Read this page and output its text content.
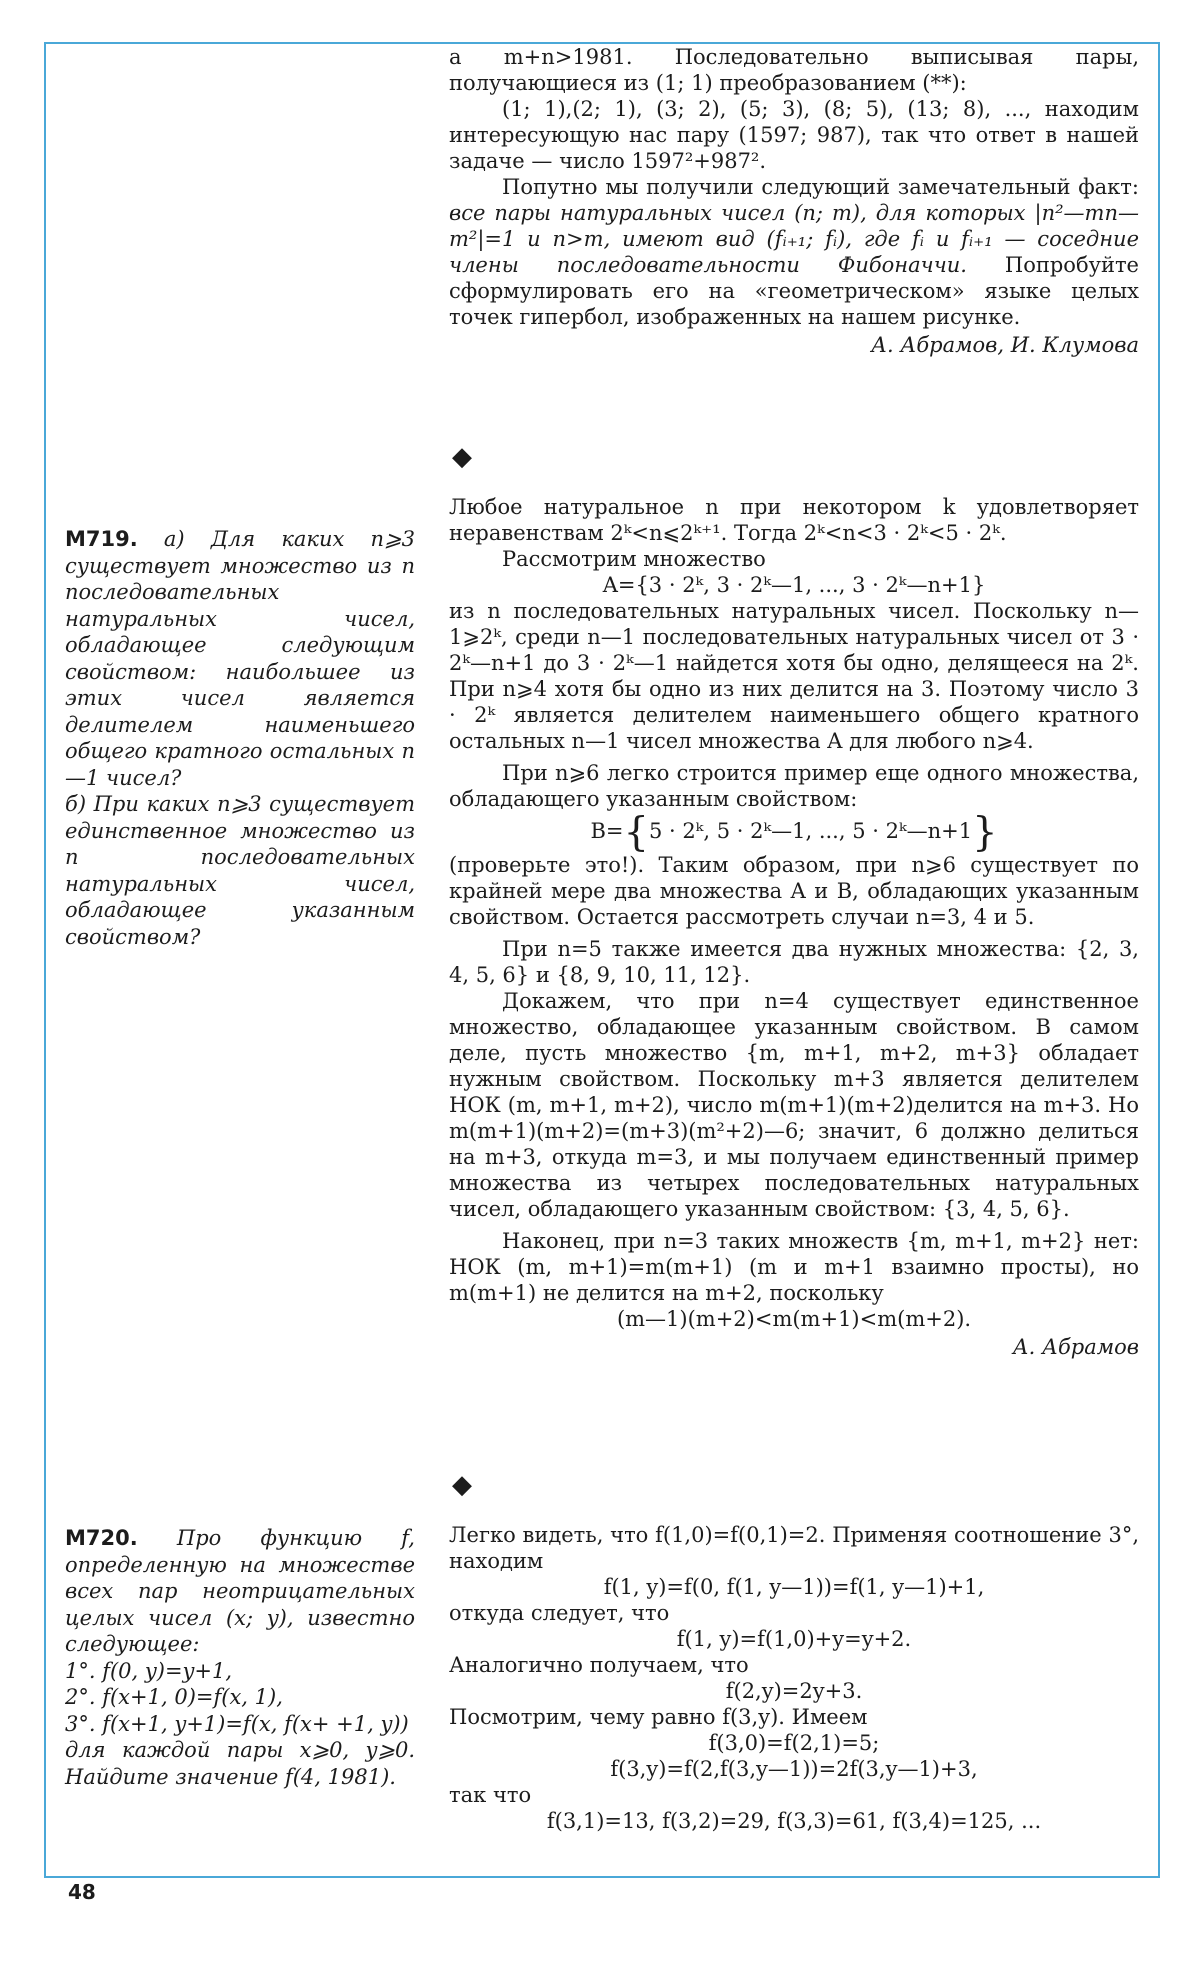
а m+n>1981. Последовательно выписывая пары, получающиеся из (1; 1) преобразованием (**):

(1; 1),(2; 1), (3; 2), (5; 3), (8; 5), (13; 8), ..., находим интересующую нас пару (1597; 987), так что ответ в нашей задаче — число 1597²+987².

Попутно мы получили следующий замечательный факт: все пары натуральных чисел (n; m), для которых |n²—mn—m²|=1 и n>m, имеют вид (fᵢ₊₁; fᵢ), где fᵢ и fᵢ₊₁ — соседние члены последовательности Фибоначчи. Попробуйте сформулировать его на «геометрическом» языке целых точек гипербол, изображенных на нашем рисунке.

А. Абрамов, И. Клумова

◆

М719. а) Для каких n⩾3 существует множество из n последовательных натуральных чисел, обладающее следующим свойством: наибольшее из этих чисел является делителем наименьшего общего кратного остальных n—1 чисел?

б) При каких n⩾3 существует единственное множество из n последовательных натуральных чисел, обладающее указанным свойством?

Любое натуральное n при некотором k удовлетворяет неравенствам 2ᵏ<n⩽2ᵏ⁺¹. Тогда 2ᵏ<n<3 · 2ᵏ<5 · 2ᵏ.

Рассмотрим множество

A={3 · 2ᵏ, 3 · 2ᵏ—1, ..., 3 · 2ᵏ—n+1}

из n последовательных натуральных чисел. Поскольку n—1⩾2ᵏ, среди n—1 последовательных натуральных чисел от 3 · 2ᵏ—n+1 до 3 · 2ᵏ—1 найдется хотя бы одно, делящееся на 2ᵏ. При n⩾4 хотя бы одно из них делится на 3. Поэтому число 3 · 2ᵏ является делителем наименьшего общего кратного остальных n—1 чисел множества A для любого n⩾4.

При n⩾6 легко строится пример еще одного множества, обладающего указанным свойством:

B={5 · 2ᵏ, 5 · 2ᵏ—1, ..., 5 · 2ᵏ—n+1}

(проверьте это!). Таким образом, при n⩾6 существует по крайней мере два множества A и B, обладающих указанным свойством. Остается рассмотреть случаи n=3, 4 и 5.

При n=5 также имеется два нужных множества: {2, 3, 4, 5, 6} и {8, 9, 10, 11, 12}.

Докажем, что при n=4 существует единственное множество, обладающее указанным свойством. В самом деле, пусть множество {m, m+1, m+2, m+3} обладает нужным свойством. Поскольку m+3 является делителем НОК (m, m+1, m+2), число m(m+1)(m+2)делится на m+3. Но m(m+1)(m+2)=(m+3)(m²+2)—6; значит, 6 должно делиться на m+3, откуда m=3, и мы получаем единственный пример множества из четырех последовательных натуральных чисел, обладающего указанным свойством: {3, 4, 5, 6}.

Наконец, при n=3 таких множеств {m, m+1, m+2} нет: НОК (m, m+1)=m(m+1) (m и m+1 взаимно просты), но m(m+1) не делится на m+2, поскольку

(m—1)(m+2)<m(m+1)<m(m+2).

А. Абрамов

◆

М720. Про функцию f, определенную на множестве всех пар неотрицательных целых чисел (x; y), известно следующее:

1°. f(0, y)=y+1,

2°. f(x+1, 0)=f(x, 1),

3°. f(x+1, y+1)=f(x, f(x+ +1, y))

для каждой пары x⩾0, y⩾0. Найдите значение f(4, 1981).

Легко видеть, что f(1,0)=f(0,1)=2. Применяя соотношение 3°, находим

f(1, y)=f(0, f(1, y—1))=f(1, y—1)+1,

откуда следует, что

f(1, y)=f(1,0)+y=y+2.

Аналогично получаем, что

f(2,y)=2y+3.

Посмотрим, чему равно f(3,y). Имеем

f(3,0)=f(2,1)=5;

f(3,y)=f(2,f(3,y—1))=2f(3,y—1)+3,

так что

f(3,1)=13, f(3,2)=29, f(3,3)=61, f(3,4)=125, ...

48
